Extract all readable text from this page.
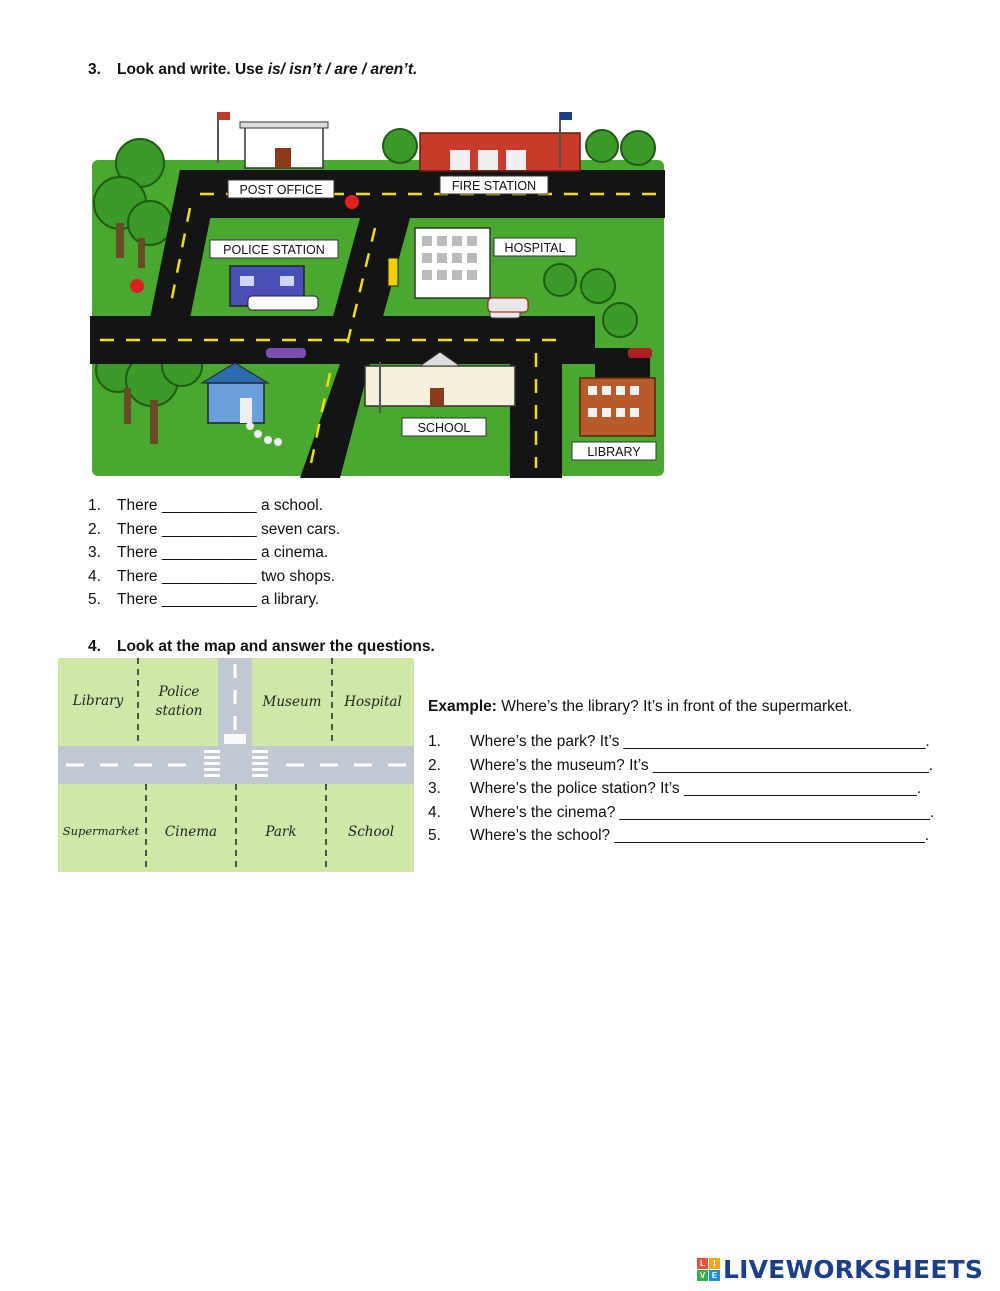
3. Look and write. Use is/ isn’t / are / aren’t.
POST OFFICE	FIRE STATION
POLICE STATION	HOSPITAL
SCHOOL
LIBRARY
1. There ___________ a school.
2. There ___________ seven cars.
3. There ___________ a cinema.
4. There ___________ two shops.
5. There ___________ a library.
4. Look at the map and answer the questions.
Library
Police
station
Museum Hospital
Supermarket Cinema	Park	School
Example: Where’s the library? It’s in front of the supermarket.
1. Where’s the park? It’s ___________________________________.
2. Where’s the museum? It’s ________________________________.
3. Where’s the police station? It’s ___________________________.
4. Where’s the cinema? ____________________________________.
5. Where’s the school? ____________________________________.
L	I
V E LIVEWORKSHEETS
